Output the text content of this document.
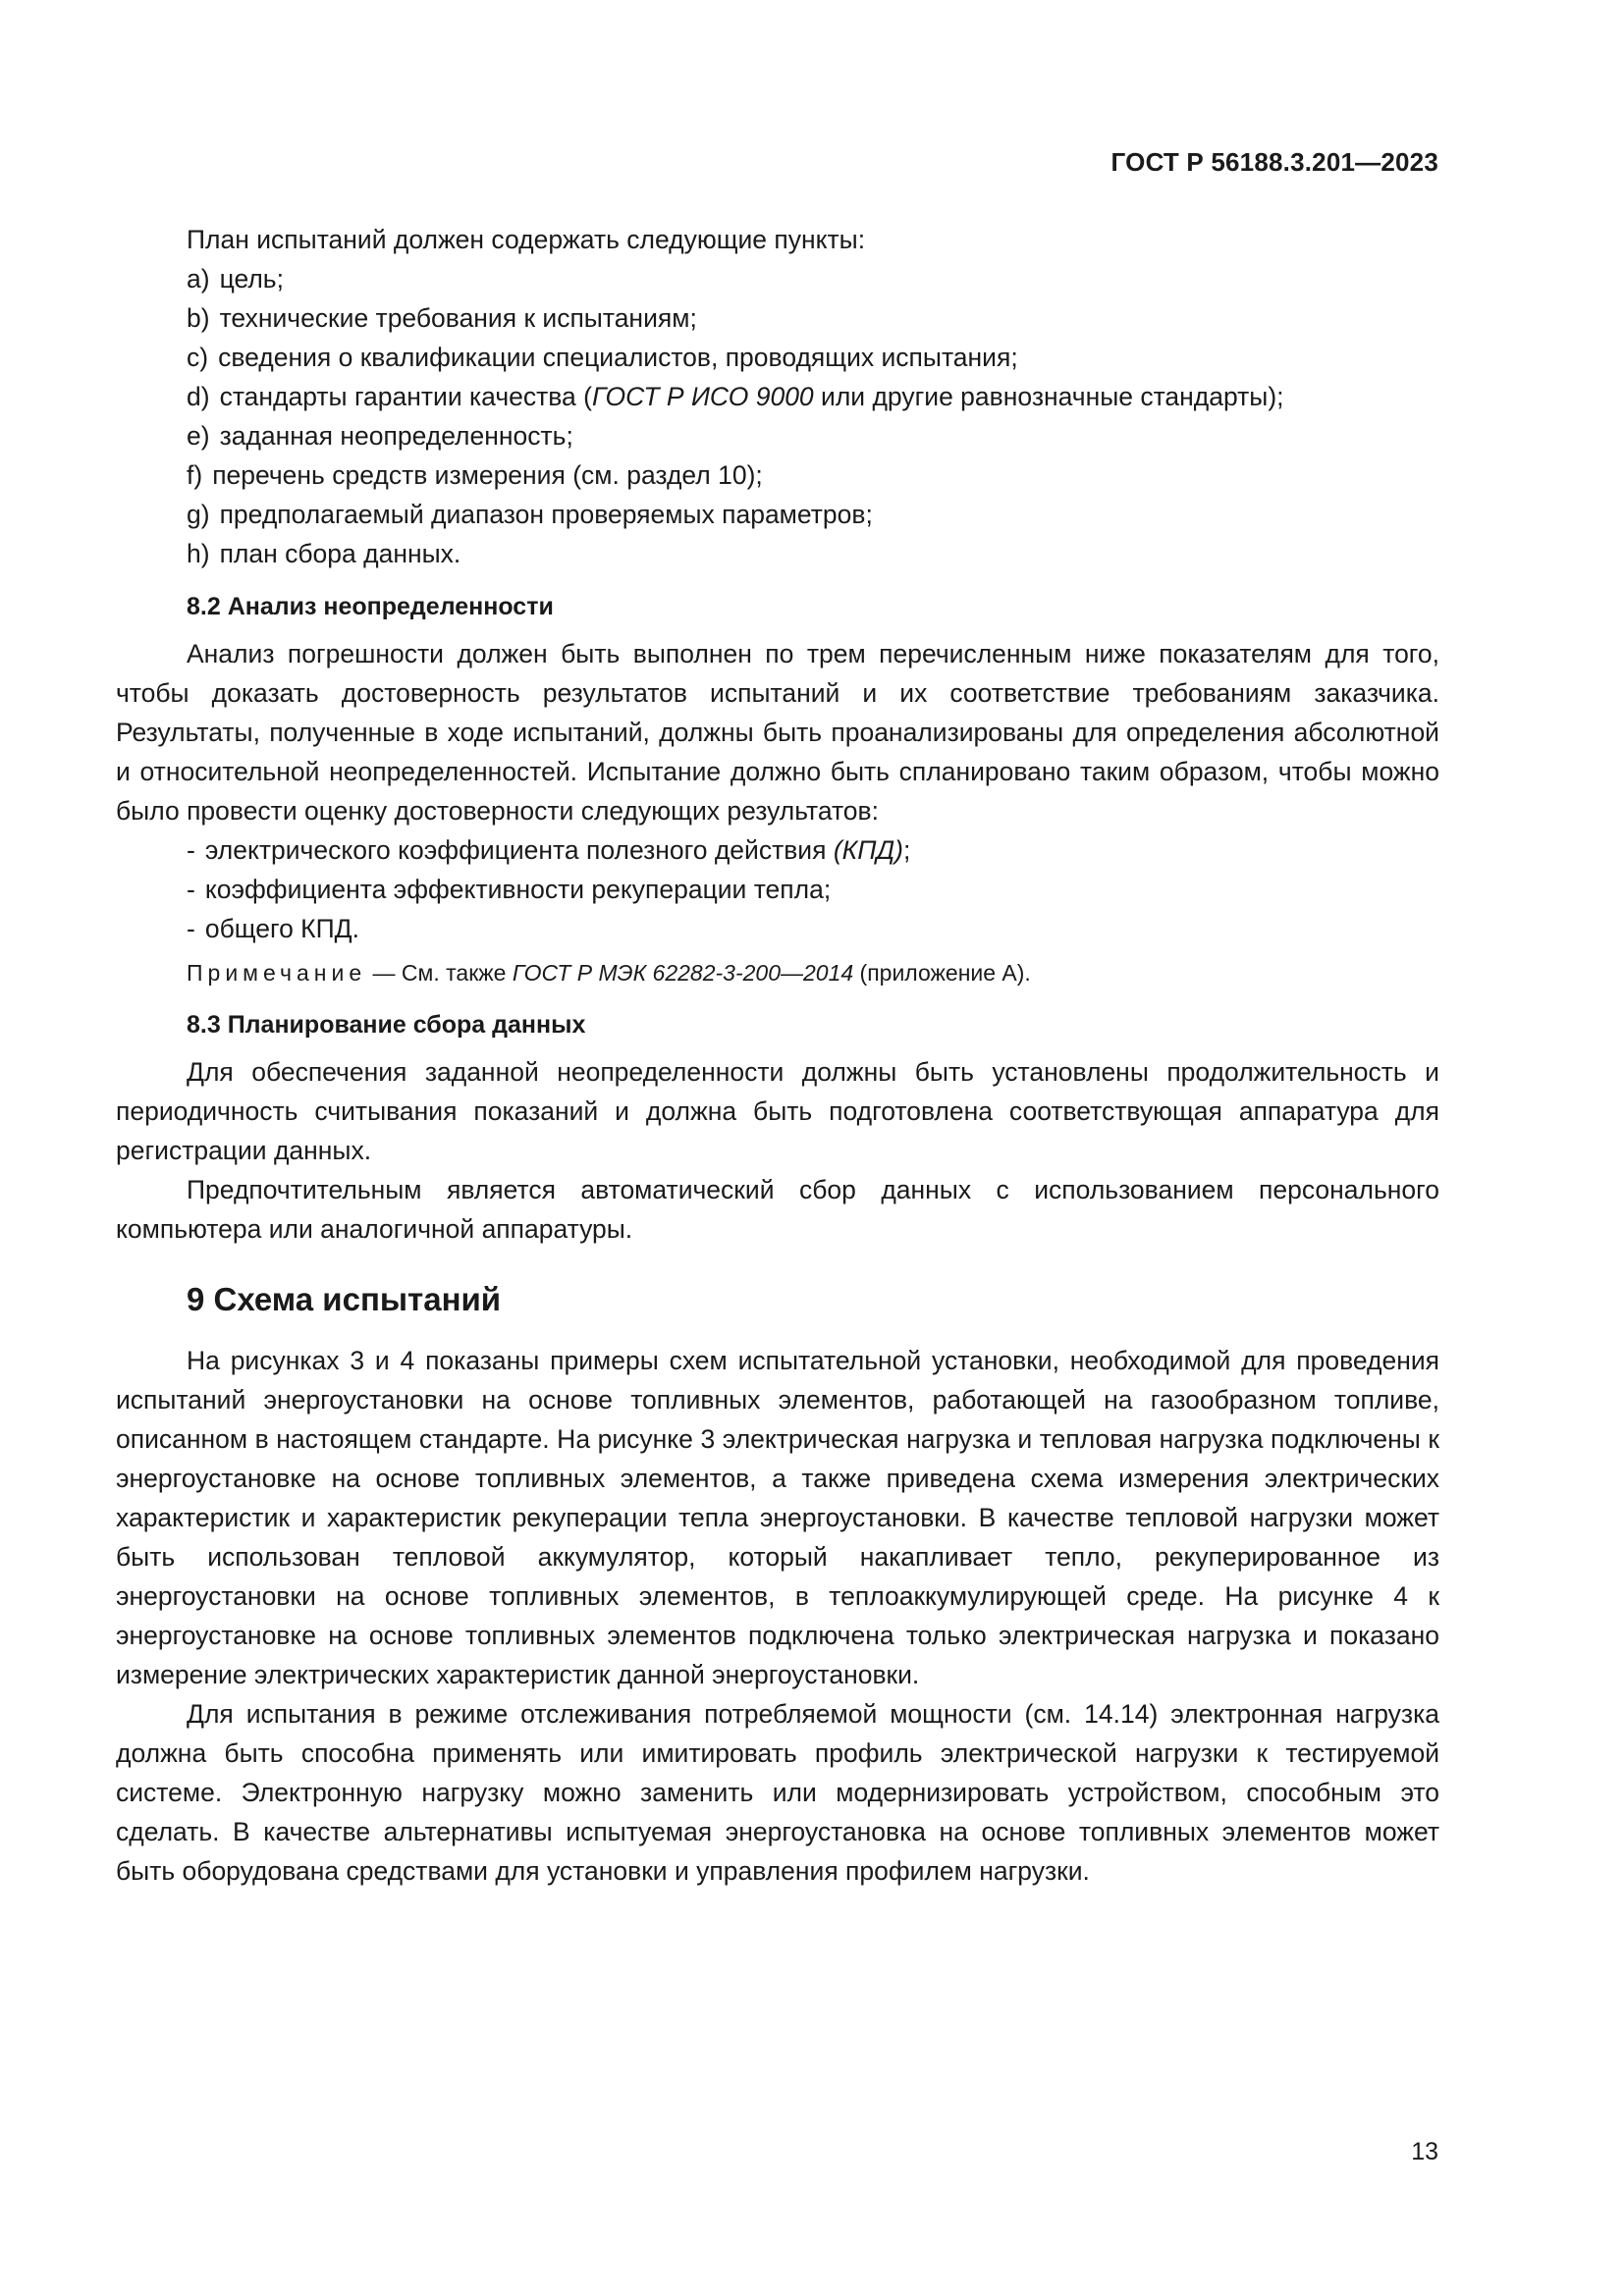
ГОСТ Р 56188.3.201—2023

План испытаний должен содержать следующие пункты:

a) цель;
b) технические требования к испытаниям;
c) сведения о квалификации специалистов, проводящих испытания;
d) стандарты гарантии качества (ГОСТ Р ИСО 9000 или другие равнозначные стандарты);
e) заданная неопределенность;
f) перечень средств измерения (см. раздел 10);
g) предполагаемый диапазон проверяемых параметров;
h) план сбора данных.
8.2 Анализ неопределенности

Анализ погрешности должен быть выполнен по трем перечисленным ниже показателям для того, чтобы доказать достоверность результатов испытаний и их соответствие требованиям заказчика. Результаты, полученные в ходе испытаний, должны быть проанализированы для определения абсолютной и относительной неопределенностей. Испытание должно быть спланировано таким образом, чтобы можно было провести оценку достоверности следующих результатов:

- электрического коэффициента полезного действия (КПД);
- коэффициента эффективности рекуперации тепла;
- общего КПД.
Примечание — См. также ГОСТ Р МЭК 62282-3-200—2014 (приложение А).
8.3 Планирование сбора данных

Для обеспечения заданной неопределенности должны быть установлены продолжительность и периодичность считывания показаний и должна быть подготовлена соответствующая аппаратура для регистрации данных.

Предпочтительным является автоматический сбор данных с использованием персонального компьютера или аналогичной аппаратуры.

9 Схема испытаний

На рисунках 3 и 4 показаны примеры схем испытательной установки, необходимой для проведения испытаний энергоустановки на основе топливных элементов, работающей на газообразном топливе, описанном в настоящем стандарте. На рисунке 3 электрическая нагрузка и тепловая нагрузка подключены к энергоустановке на основе топливных элементов, а также приведена схема измерения электрических характеристик и характеристик рекуперации тепла энергоустановки. В качестве тепловой нагрузки может быть использован тепловой аккумулятор, который накапливает тепло, рекуперированное из энергоустановки на основе топливных элементов, в теплоаккумулирующей среде. На рисунке 4 к энергоустановке на основе топливных элементов подключена только электрическая нагрузка и показано измерение электрических характеристик данной энергоустановки.

Для испытания в режиме отслеживания потребляемой мощности (см. 14.14) электронная нагрузка должна быть способна применять или имитировать профиль электрической нагрузки к тестируемой системе. Электронную нагрузку можно заменить или модернизировать устройством, способным это сделать. В качестве альтернативы испытуемая энергоустановка на основе топливных элементов может быть оборудована средствами для установки и управления профилем нагрузки.

13
